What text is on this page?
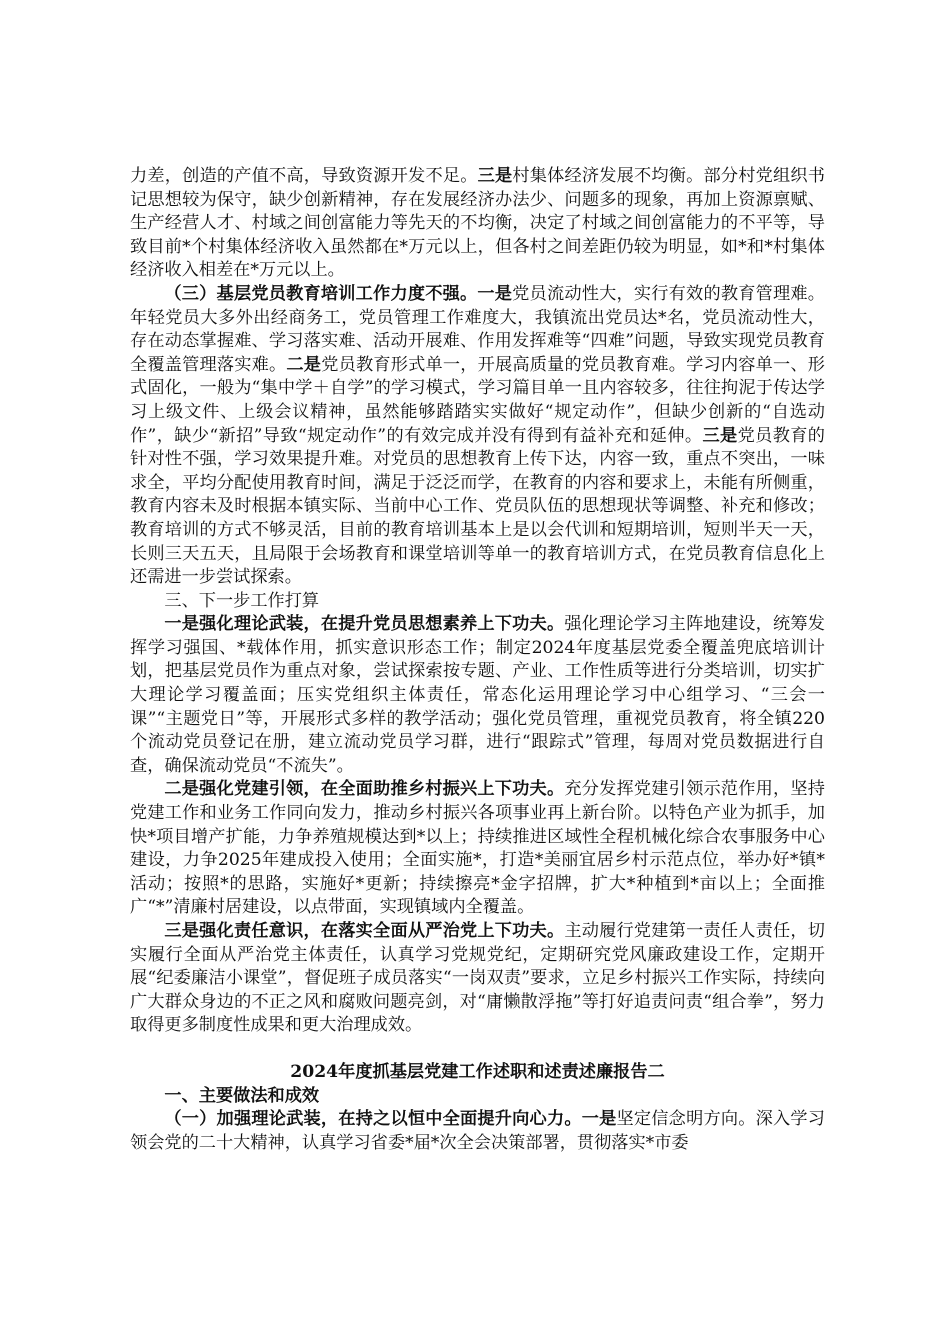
力差，创造的产值不高，导致资源开发不足。三是村集体经济发展不均衡。部分村党组织书记思想较为保守，缺少创新精神，存在发展经济办法少、问题多的现象，再加上资源禀赋、生产经营人才、村域之间创富能力等先天的不均衡，决定了村域之间创富能力的不平等，导致目前*个村集体经济收入虽然都在*万元以上，但各村之间差距仍较为明显，如*和*村集体经济收入相差在*万元以上。

（三）基层党员教育培训工作力度不强。一是党员流动性大，实行有效的教育管理难。年轻党员大多外出经商务工，党员管理工作难度大，我镇流出党员达*名，党员流动性大，存在动态掌握难、学习落实难、活动开展难、作用发挥难等“四难”问题，导致实现党员教育全覆盖管理落实难。二是党员教育形式单一，开展高质量的党员教育难。学习内容单一、形式固化，一般为“集中学＋自学”的学习模式，学习篇目单一且内容较多，往往拘泥于传达学习上级文件、上级会议精神，虽然能够踏踏实实做好“规定动作”，但缺少创新的“自选动作”，缺少“新招”导致“规定动作”的有效完成并没有得到有益补充和延伸。三是党员教育的针对性不强，学习效果提升难。对党员的思想教育上传下达，内容一致，重点不突出，一味求全，平均分配使用教育时间，满足于泛泛而学，在教育的内容和要求上，未能有所侧重，教育内容未及时根据本镇实际、当前中心工作、党员队伍的思想现状等调整、补充和修改；教育培训的方式不够灵活，目前的教育培训基本上是以会代训和短期培训，短则半天一天，长则三天五天，且局限于会场教育和课堂培训等单一的教育培训方式，在党员教育信息化上还需进一步尝试探索。

三、下一步工作打算

一是强化理论武装，在提升党员思想素养上下功夫。强化理论学习主阵地建设，统筹发挥学习强国、*载体作用，抓实意识形态工作；制定2024年度基层党委全覆盖兜底培训计划，把基层党员作为重点对象，尝试探索按专题、产业、工作性质等进行分类培训，切实扩大理论学习覆盖面；压实党组织主体责任，常态化运用理论学习中心组学习、“三会一课”“主题党日”等，开展形式多样的教学活动；强化党员管理，重视党员教育，将全镇220个流动党员登记在册，建立流动党员学习群，进行“跟踪式”管理，每周对党员数据进行自查，确保流动党员“不流失”。

二是强化党建引领，在全面助推乡村振兴上下功夫。充分发挥党建引领示范作用，坚持党建工作和业务工作同向发力，推动乡村振兴各项事业再上新台阶。以特色产业为抓手，加快*项目增产扩能，力争养殖规模达到*以上；持续推进区域性全程机械化综合农事服务中心建设，力争2025年建成投入使用；全面实施*，打造*美丽宜居乡村示范点位，举办好*镇*活动；按照*的思路，实施好*更新；持续擦亮*金字招牌，扩大*种植到*亩以上；全面推广“*”清廉村居建设，以点带面，实现镇域内全覆盖。

三是强化责任意识，在落实全面从严治党上下功夫。主动履行党建第一责任人责任，切实履行全面从严治党主体责任，认真学习党规党纪，定期研究党风廉政建设工作，定期开展“纪委廉洁小课堂”，督促班子成员落实“一岗双责”要求，立足乡村振兴工作实际，持续向广大群众身边的不正之风和腐败问题亮剑，对“庸懒散浮拖”等打好追责问责“组合拳”，努力取得更多制度性成果和更大治理成效。

2024年度抓基层党建工作述职和述责述廉报告二

一、主要做法和成效

（一）加强理论武装，在持之以恒中全面提升向心力。一是坚定信念明方向。深入学习领会党的二十大精神，认真学习省委*届*次全会决策部署，贯彻落实*市委
